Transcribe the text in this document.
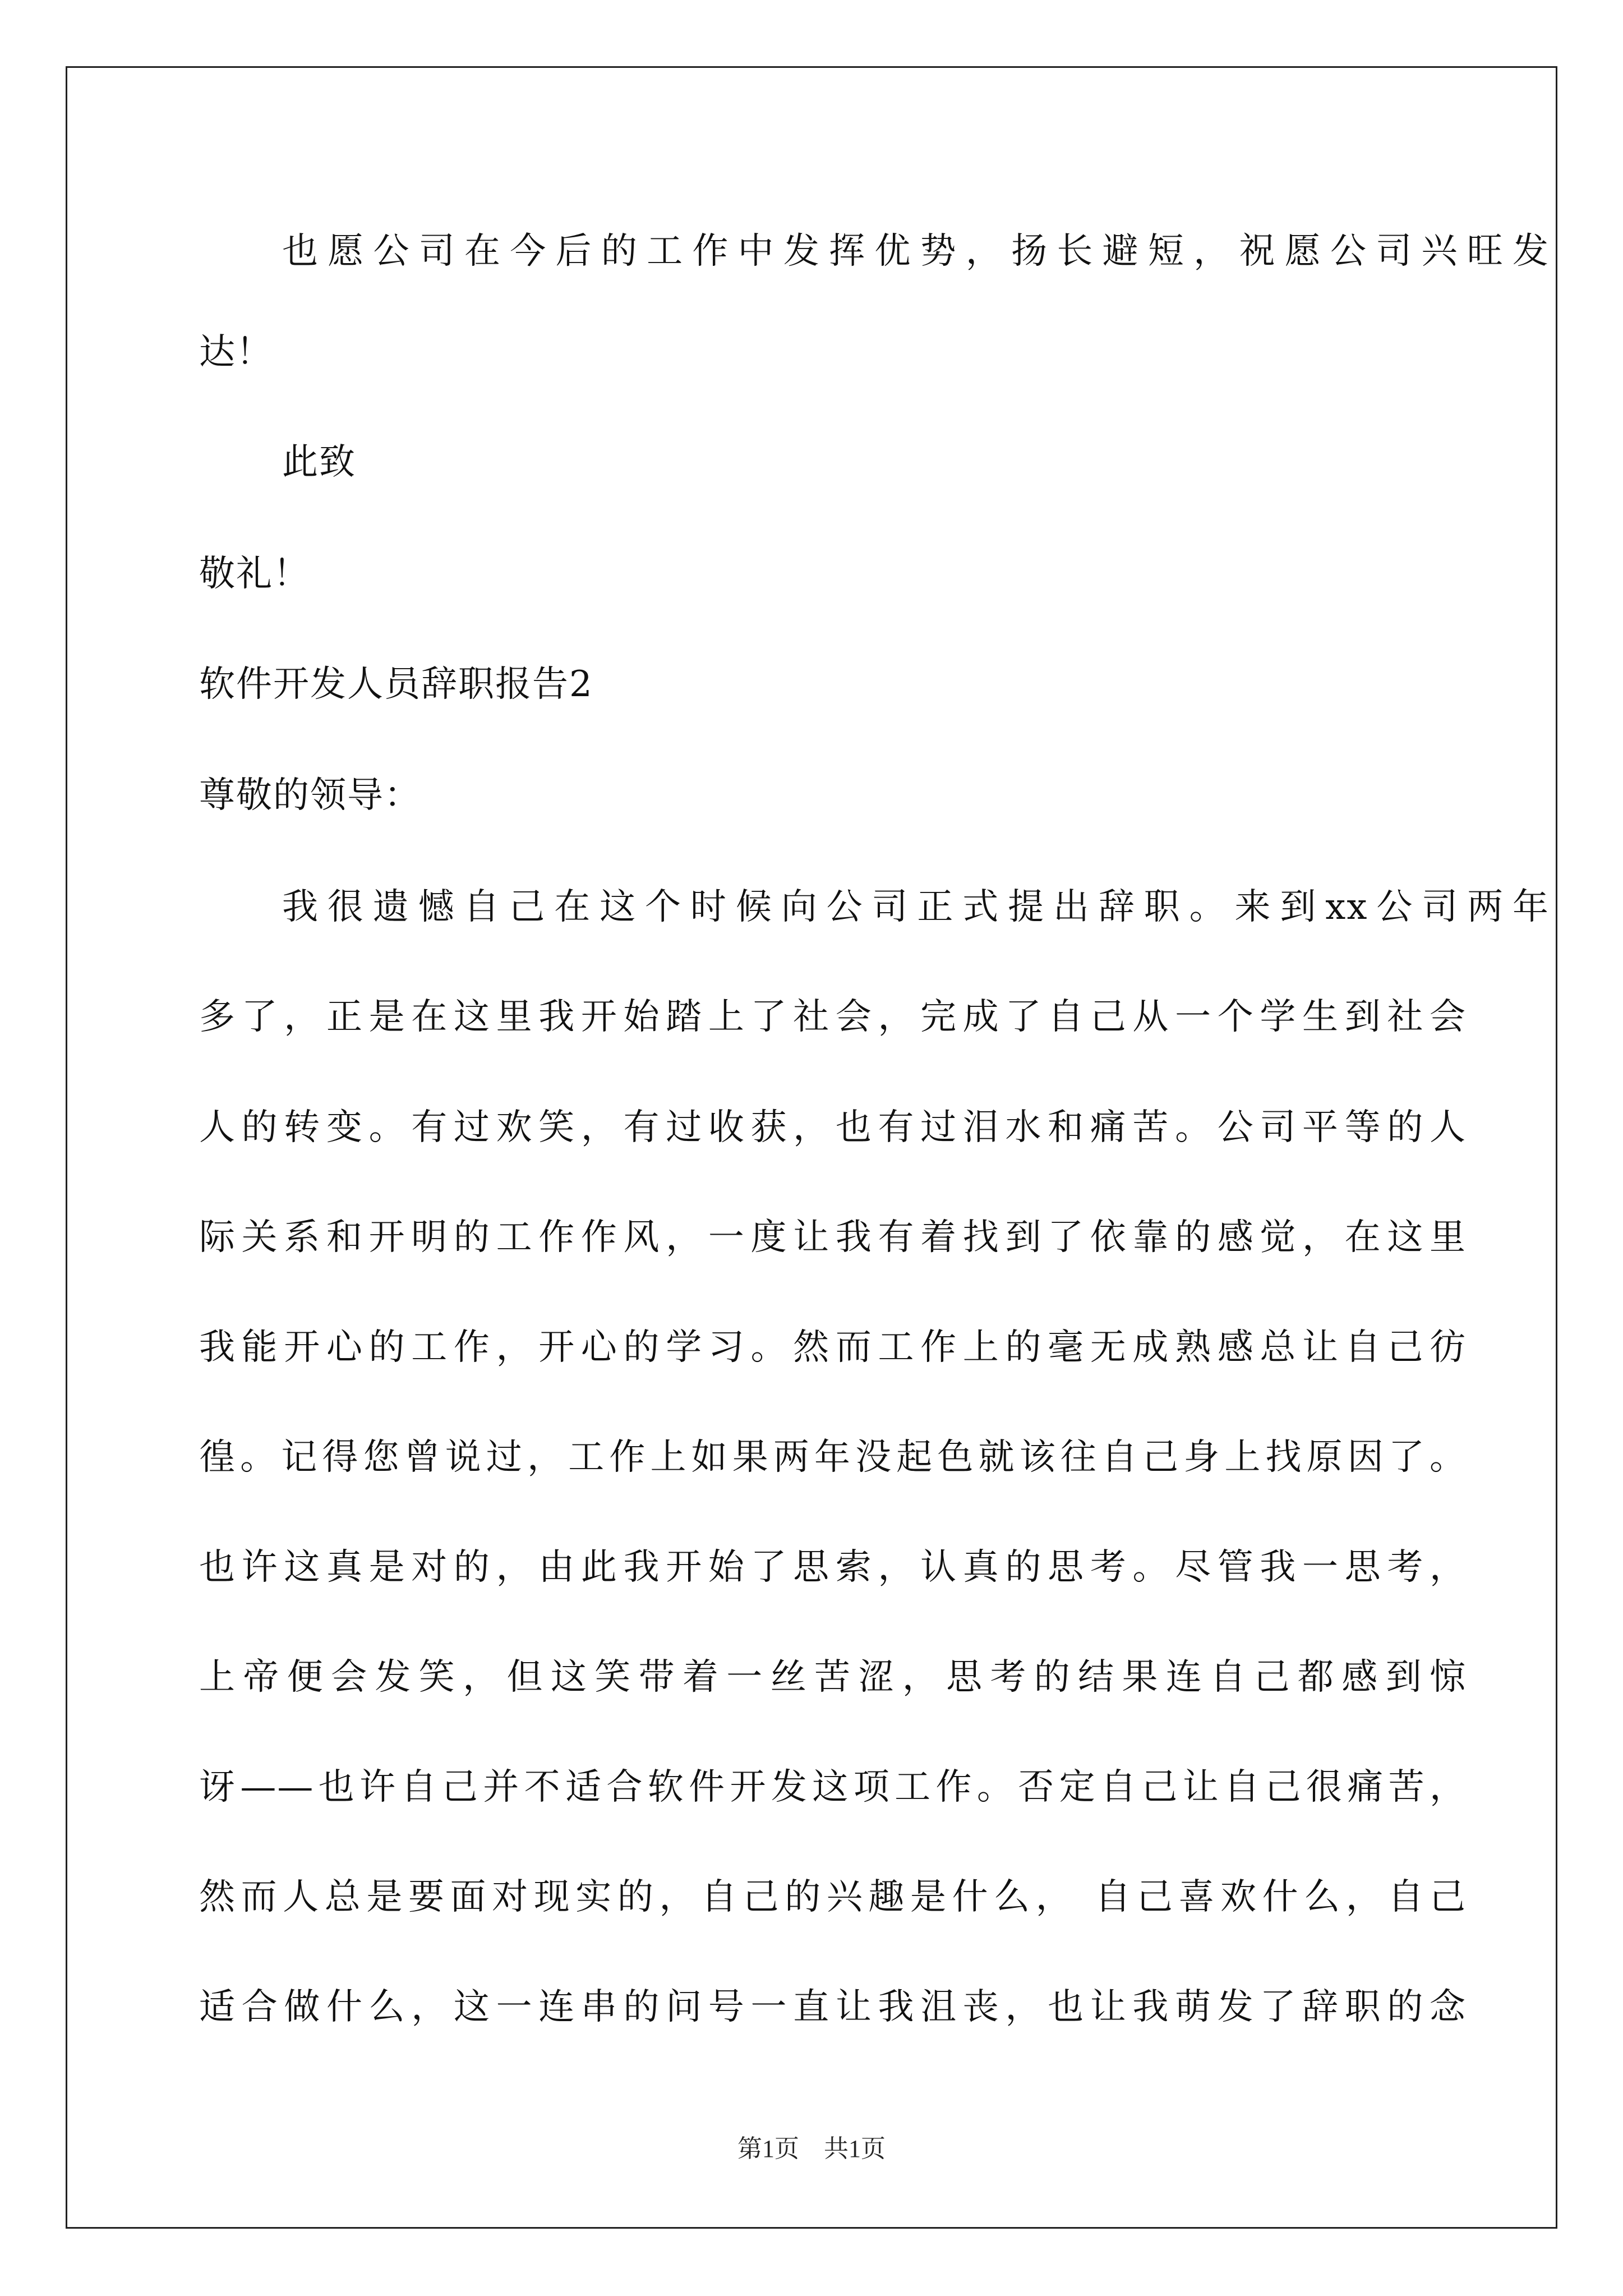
也愿公司在今后的工作中发挥优势，扬长避短，祝愿公司兴旺发
达！
此致
敬礼！
软件开发人员辞职报告2
尊敬的领导：
我很遗憾自己在这个时候向公司正式提出辞职。来到xx公司两年
多了，正是在这里我开始踏上了社会，完成了自己从一个学生到社会
人的转变。有过欢笑，有过收获，也有过泪水和痛苦。公司平等的人
际关系和开明的工作作风，一度让我有着找到了依靠的感觉，在这里
我能开心的工作，开心的学习。然而工作上的毫无成熟感总让自己彷
徨。记得您曾说过，工作上如果两年没起色就该往自己身上找原因了。
也许这真是对的，由此我开始了思索，认真的思考。尽管我一思考，
上帝便会发笑，但这笑带着一丝苦涩，思考的结果连自己都感到惊
讶——也许自己并不适合软件开发这项工作。否定自己让自己很痛苦，
然而人总是要面对现实的，自己的兴趣是什么， 自己喜欢什么，自己
适合做什么，这一连串的问号一直让我沮丧，也让我萌发了辞职的念
第1页　共1页
